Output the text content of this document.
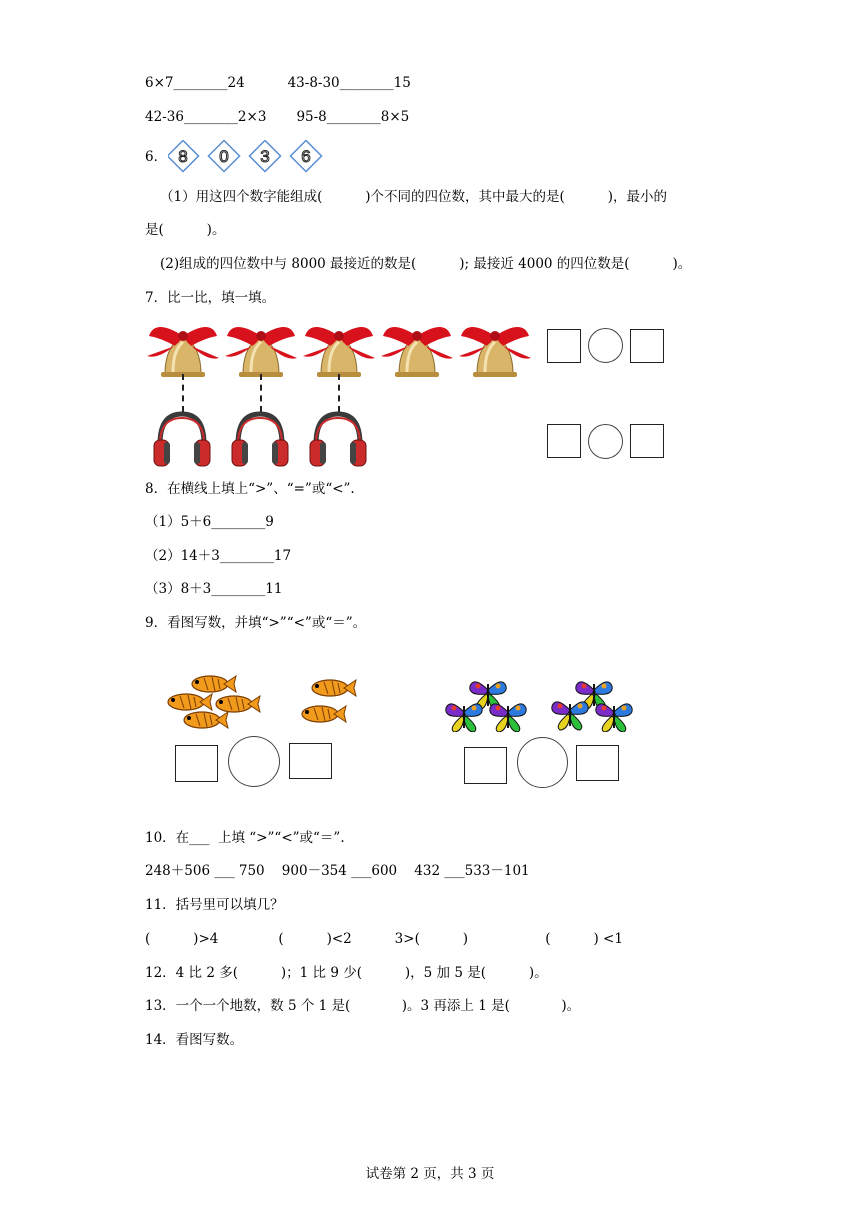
6×7________24          43-8-30________15
42-36________2×3       95-8________8×5
6． 8 0 3 6
（1）用这四个数字能组成(          )个不同的四位数，其中最大的是(          )，最小的
是(          )。
(2)组成的四位数中与 8000 最接近的数是(          ); 最接近 4000 的四位数是(          )。
7．比一比，填一填。
8．在横线上填上“>”、“=”或“<”.
（1）5＋6________9
（2）14＋3________17
（3）8＋3________11
9．看图写数，并填“>”“<”或“＝”。
10．在___  上填 “>”“<”或“＝”.
248＋506 ___ 750    900－354 ___600    432 ___533－101
11．括号里可以填几？
(          )>4              (          )<2          3>(          )                  (          ) <1
12．4 比 2 多(          )；1 比 9 少(          )，5 加 5 是(          )。
13．一个一个地数，数 5 个 1 是(            )。3 再添上 1 是(            )。
14．看图写数。
试卷第 2 页，共 3 页
